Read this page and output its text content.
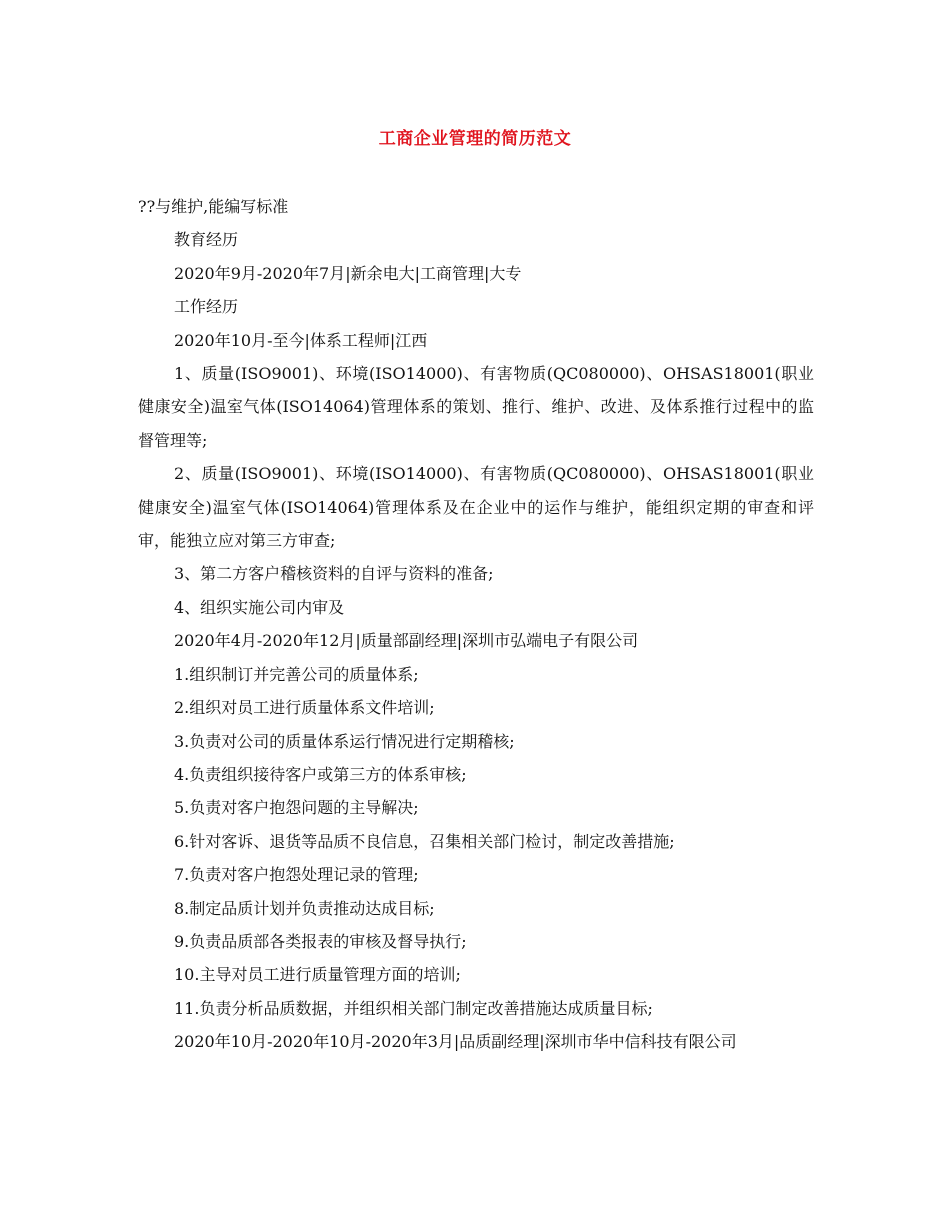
工商企业管理的简历范文

??与维护,能编写标准

教育经历

2020年9月-2020年7月|新余电大|工商管理|大专

工作经历

2020年10月-至今|体系工程师|江西

1、质量(ISO9001)、环境(ISO14000)、有害物质(QC080000)、OHSAS18001(职业健康安全)温室气体(ISO14064)管理体系的策划、推行、维护、改进、及体系推行过程中的监督管理等;

2、质量(ISO9001)、环境(ISO14000)、有害物质(QC080000)、OHSAS18001(职业健康安全)温室气体(ISO14064)管理体系及在企业中的运作与维护，能组织定期的审查和评审，能独立应对第三方审查;

3、第二方客户稽核资料的自评与资料的准备;

4、组织实施公司内审及

2020年4月-2020年12月|质量部副经理|深圳市弘端电子有限公司

1.组织制订并完善公司的质量体系;

2.组织对员工进行质量体系文件培训;

3.负责对公司的质量体系运行情况进行定期稽核;

4.负责组织接待客户或第三方的体系审核;

5.负责对客户抱怨问题的主导解决;

6.针对客诉、退货等品质不良信息，召集相关部门检讨，制定改善措施;

7.负责对客户抱怨处理记录的管理;

8.制定品质计划并负责推动达成目标;

9.负责品质部各类报表的审核及督导执行;

10.主导对员工进行质量管理方面的培训;

11.负责分析品质数据，并组织相关部门制定改善措施达成质量目标;

2020年10月-2020年10月-2020年3月|品质副经理|深圳市华中信科技有限公司
